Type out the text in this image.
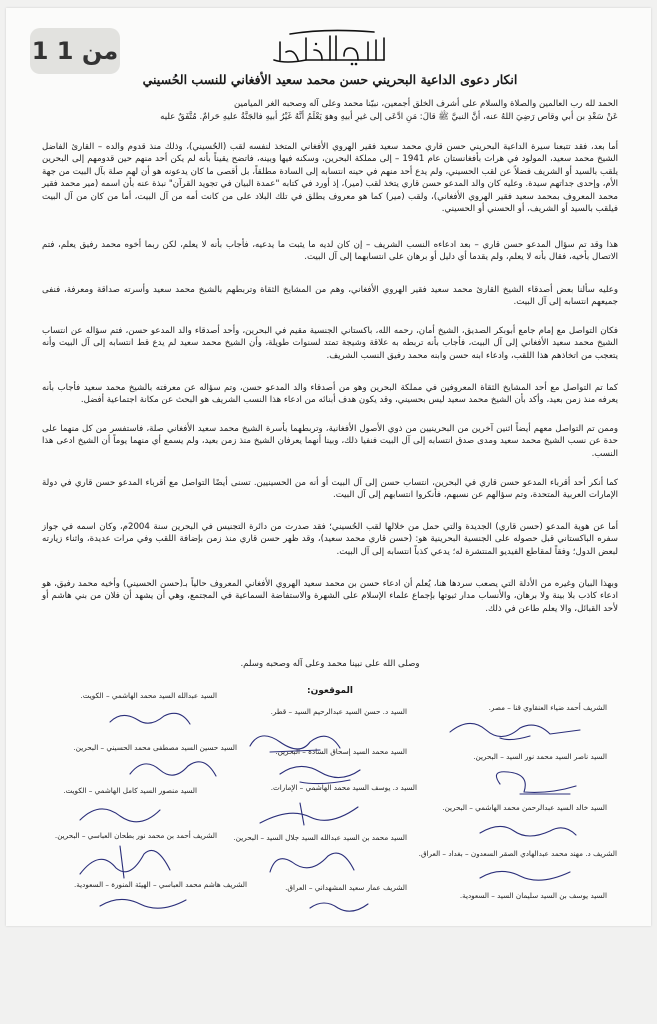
1 من 1
انكار دعوى الداعية البحريني حسن محمد سعيد الأفغاني للنسب الحُسيني

الحمد لله رب العالمين والصلاة والسلام على أشرف الخلق أجمعين، نبيّنا محمد وعلى آله وصحبه الغر الميامين

عَنْ سَعْدِ بن أبي وقاص رَضِيَ اللهُ عنه، أنَّ النبيَّ ﷺ قالَ: مَنِ ادَّعَى إلى غيرِ أبيهِ وهوَ يَعْلَمُ أنَّهُ غَيْرُ أبيهِ فالجَنَّةُ عليهِ حَرامٌ. مُتَّفَقٌ عليه

أما بعد، فقد تتبعنا سيرة الداعية البحريني حسن قاري محمد سعيد فقير الهروي الأفغاني المتخذ لنفسه لقب (الحُسيني)، وذلك منذ قدوم والده – القارئ الفاضل الشيخ محمد سعيد، المولود في هرات بأفغانستان عام 1941 – إلى مملكة البحرين، وسكنه فيها وبينه، فاتضح يقيناً بأنه لم يكن أحد منهم حين قدومهم إلى البحرين يلقب بالسيد أو الشريف فضلاً عن لقب الحسيني، ولم يدع أحد منهم في حينه انتسابه إلى السادة مطلقاً، بل أقصى ما كان يدعونه هو أن لهم صلة بآل البيت من جهة الأم، وإحدى جداتهم سيدة. وعليه كان والد المدعو حسن قاري يتخذ لقب (مير)، إذ أورد في كتابه "عمدة البيان في تجويد القرآن" نبذة عنه بأن اسمه (مير محمد فقير محمد المعروف بمحمد سعيد فقير الهروي الأفغاني)، ولقب (مير) كما هو معروف يطلق في تلك البلاد على من كانت أمه من آل البيت، أما من كان من آل البيت فيلقب بالسيد أو الشريف، أو الحسني أو الحسيني.

هذا وقد تم سؤال المدعو حسن قاري – بعد ادعاءه النسب الشريف – إن كان لديه ما يثبت ما يدعيه، فأجاب بأنه لا يعلم، لكن ربما أخوه محمد رفيق يعلم، فتم الاتصال بأخيه، فقال بأنه لا يعلم، ولم يقدما أي دليل أو برهان على انتسابهما إلى آل البيت.

وعليه سألنا بعض أصدقاء الشيخ القارئ محمد سعيد فقير الهروي الأفغاني، وهم من المشايخ الثقاة وتربطهم بالشيخ محمد سعيد وأسرته صداقة ومعرفة، فنفى جميعهم انتسابه إلى آل البيت.

فكان التواصل مع إمام جامع أبوبكر الصديق، الشيخ أمان، رحمه الله، باكستاني الجنسية مقيم في البحرين، وأحد أصدقاء والد المدعو حسن، فتم سؤاله عن انتساب الشيخ محمد سعيد الأفغاني إلى آل البيت، فأجاب بأنه تربطه به علاقة وشيجة تمتد لسنوات طويلة، وأن الشيخ محمد سعيد لم يدع قط انتسابه إلى آل البيت وأنه يتعجب من اتخاذهم هذا اللقب، وادعاء ابنه حسن وابنه محمد رفيق النسب الشريف.

كما تم التواصل مع أحد المشايخ الثقاة المعروفين في مملكة البحرين وهو من أصدقاء والد المدعو حسن، وتم سؤاله عن معرفته بالشيخ محمد سعيد فأجاب بأنه يعرفه منذ زمن بعيد، وأكد بأن الشيخ محمد سعيد ليس بحسيني، وقد يكون هدف أبنائه من ادعاء هذا النسب الشريف هو البحث عن مكانة اجتماعية أفضل.

وممن تم التواصل معهم أيضاً اثنين آخرين من البحرينيين من ذوي الأصول الأفغانية، وتربطهما بأسرة الشيخ محمد سعيد الأفغاني صلة، فاستفسر من كل منهما على حدة عن نسب الشيخ محمد سعيد ومدى صدق انتسابه إلى آل البيت فنفيا ذلك، وبينا أنهما يعرفان الشيخ منذ زمن بعيد، ولم يسمع أي منهما يوماً أن الشيخ ادعى هذا النسب.

كما أنكر أحد أقرباء المدعو حسن قاري في البحرين، انتساب حسن إلى آل البيت أو أنه من الحسينيين. تسنى أيضًا التواصل مع أقرباء المدعو حسن قاري في دولة الإمارات العربية المتحدة، وتم سؤالهم عن نسبهم، فأنكروا انتسابهم إلى آل البيت.

أما عن هوية المدعو (حسن قاري) الجديدة والتي حمل من خلالها لقب الحُسيني؛ فقد صدرت من دائرة التجنيس في البحرين سنة 2004م، وكان اسمه في جواز سفره الباكستاني قبل حصوله على الجنسية البحرينية هو: (حسن قاري محمد سعيد)، وقد ظهر حسن قاري منذ زمن بإضافة اللقب وفي مرات عديدة، واثناء زيارته لبعض الدول؛ وفقاً لمقاطع الفيديو المنتشرة له؛ يدعي كذباً انتسابه إلى آل البيت.

وبهذا البيان وغيره من الأدلة التي يصعب سردها هنا، يُعلم أن ادعاء حسن بن محمد سعيد الهروي الأفغاني المعروف حالياً بـ(حسن الحسيني) وأخيه محمد رفيق، هو ادعاء كاذب بلا بينة ولا برهان، والأنساب مدار ثبوتها بإجماع علماء الإسلام على الشهرة والاستفاضة السماعية في المجتمع، وهي أن يشهد أن فلان من بني هاشم أو لأحد القبائل، والا يعلم طاعن في ذلك.

وصلى الله على نبينا محمد وعلى آله وصحبه وسلم.
الموقعون:
الشريف أحمد ضياء العنقاوي قنا – مصر.
السيد د. حسن السيد عبدالرحيم السيد – قطر.
السيد عبدالله السيد محمد الهاشمي – الكويت.
السيد ناصر السيد محمد نور السيد – البحرين.
السيد محمد السيد إسحاق السادة – البحرين.
السيد حسين السيد مصطفى محمد الحسيني – البحرين.
السيد د. يوسف السيد محمد الهاشمي – الإمارات.
السيد منصور السيد كامل الهاشمي – الكويت.
السيد خالد السيد عبدالرحمن محمد الهاشمي – البحرين.
السيد محمد بن السيد عبدالله السيد جلال السيد – البحرين.
الشريف أحمد بن محمد نور بطحان العباسي – البحرين.
الشريف د. مهند محمد عبدالهادي الصقر السعدون – بغداد – العراق.
الشريف هاشم محمد العباسي – الهيئة المنورة – السعودية.	الشريف عمار سعيد المشهداني – العراق.
السيد يوسف بن السيد سليمان السيد – السعودية.
